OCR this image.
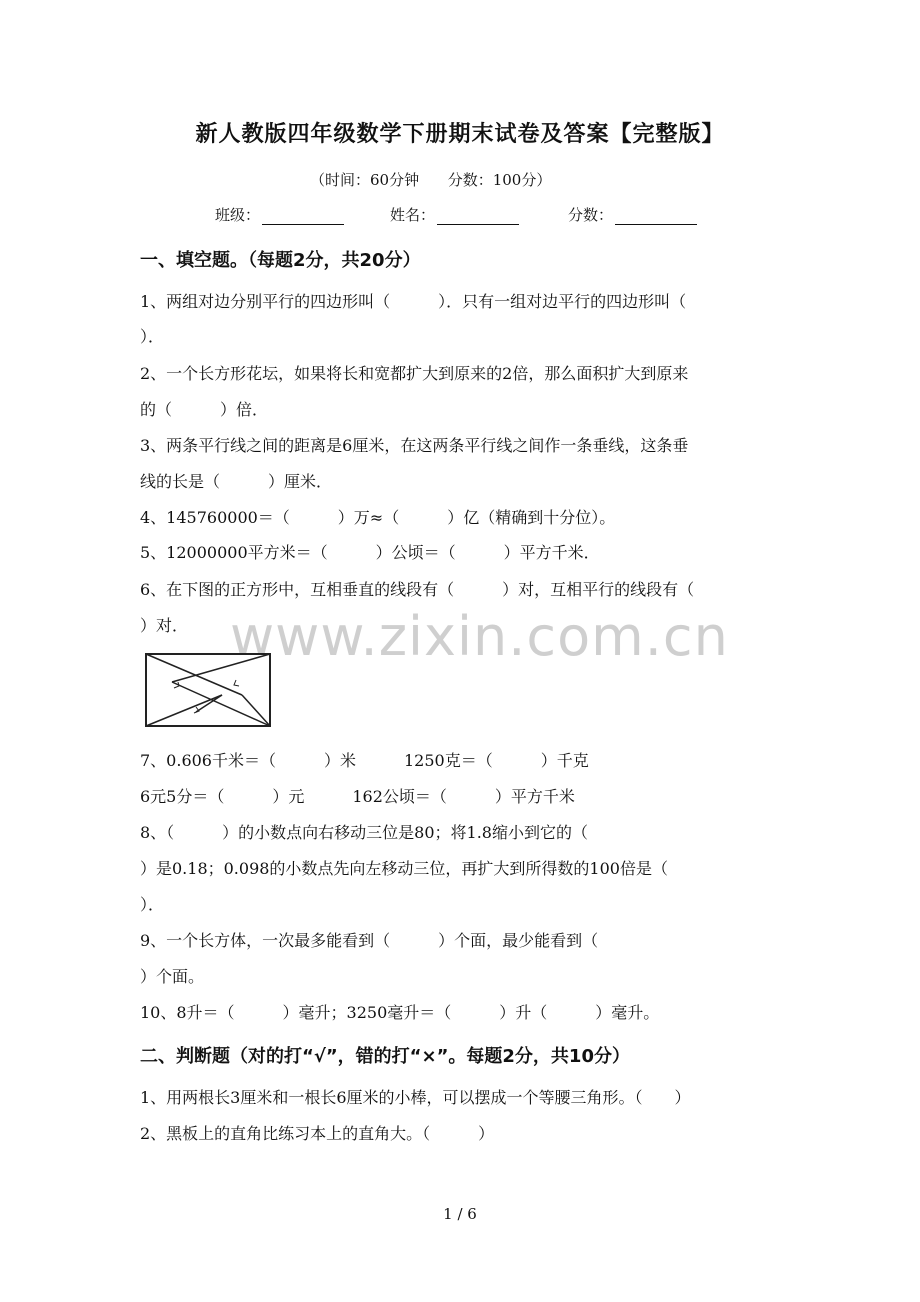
新人教版四年级数学下册期末试卷及答案【完整版】
（时间：60分钟      分数：100分）
班级：	姓名：	分数：
一、填空题。（每题2分，共20分）
1、两组对边分别平行的四边形叫（　　　）．只有一组对边平行的四边形叫（
）．
2、一个长方形花坛，如果将长和宽都扩大到原来的2倍，那么面积扩大到原来
的（　　　）倍．
3、两条平行线之间的距离是6厘米，在这两条平行线之间作一条垂线，这条垂
线的长是（　　　）厘米．
4、145760000＝（　　　）万≈（　　　）亿（精确到十分位）。
5、12000000平方米＝（　　　）公顷＝（　　　）平方千米．
6、在下图的正方形中，互相垂直的线段有（　　　）对，互相平行的线段有（
）对． www.zixin.com.cn
7、0.606千米＝（　　　）米　　　1250克＝（　　　）千克
6元5分＝（　　　）元　　　162公顷＝（　　　）平方千米
8、（　　　）的小数点向右移动三位是80；将1.8缩小到它的（
）是0.18；0.098的小数点先向左移动三位，再扩大到所得数的100倍是（
）．
9、一个长方体，一次最多能看到（　　　）个面，最少能看到（
）个面。
10、8升＝（　　　）毫升；3250毫升＝（　　　）升（　　　）毫升。
二、判断题（对的打“√”，错的打“×”。每题2分，共10分）
1、用两根长3厘米和一根长6厘米的小棒，可以摆成一个等腰三角形。（　　）
2、黑板上的直角比练习本上的直角大。（　　　）
1 / 6
